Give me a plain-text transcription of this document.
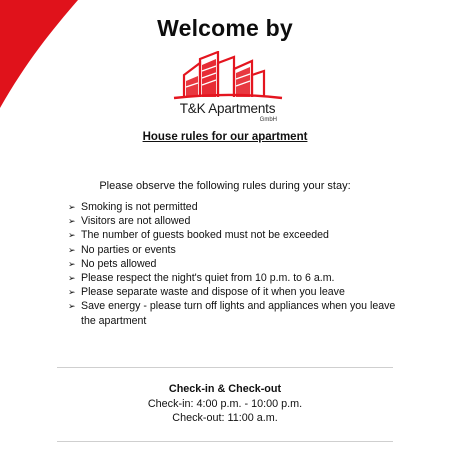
Welcome by
T&K Apartments
GmbH
House rules for our apartment
Please observe the following rules during your stay:
➢ Smoking is not permitted
➢ Visitors are not allowed
➢ The number of guests booked must not be exceeded
➢ No parties or events
➢ No pets allowed
➢ Please respect the night's quiet from 10 p.m. to 6 a.m.
➢ Please separate waste and dispose of it when you leave
➢ Save energy - please turn off lights and appliances when you leave the apartment
Check-in & Check-out
Check-in: 4:00 p.m. - 10:00 p.m.
Check-out: 11:00 a.m.
